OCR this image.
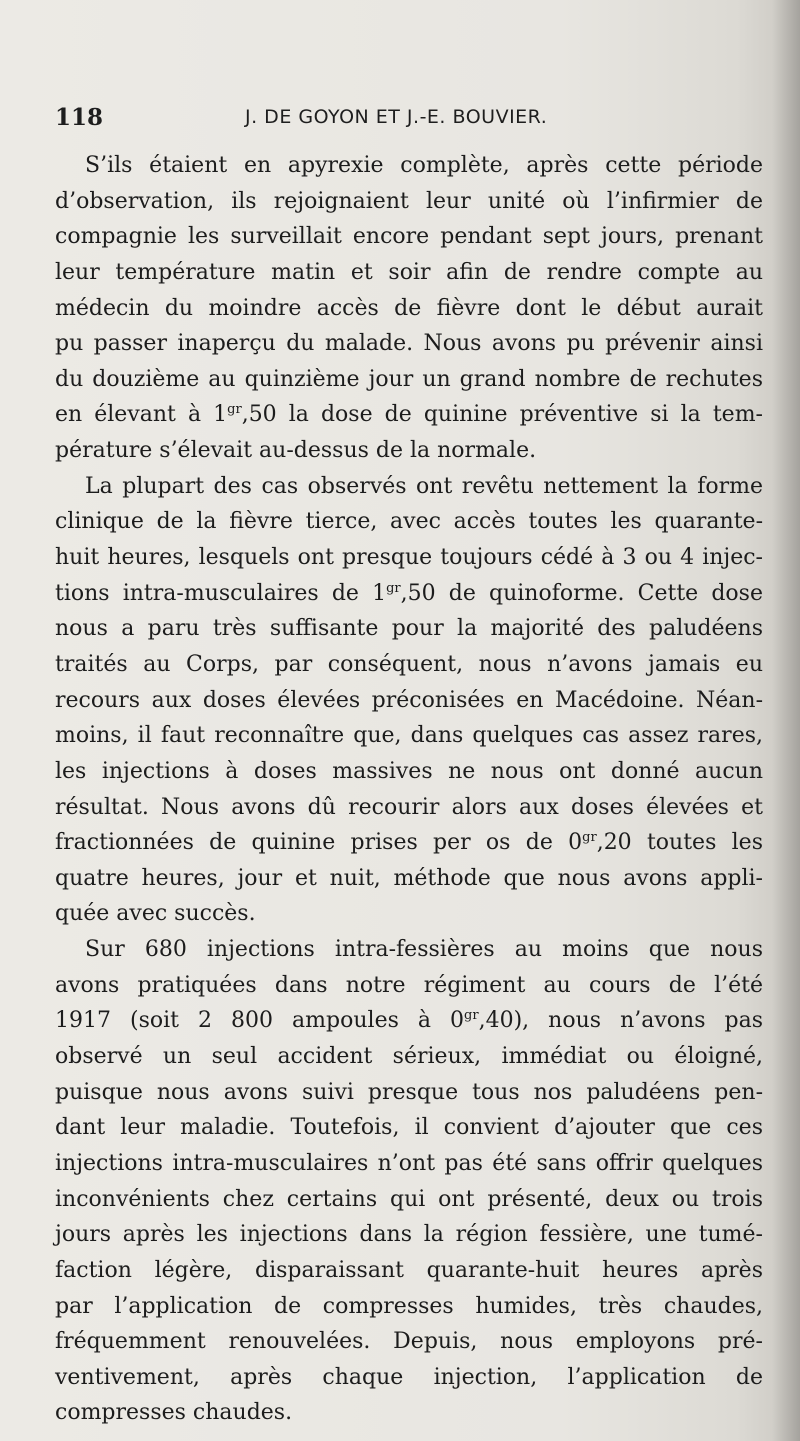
118	J. DE GOYON ET J.-E. BOUVIER.
S’ils étaient en apyrexie complète, après cette période
d’observation, ils rejoignaient leur unité où l’infirmier de
compagnie les surveillait encore pendant sept jours, prenant
leur température matin et soir afin de rendre compte au
médecin du moindre accès de fièvre dont le début aurait
pu passer inaperçu du malade. Nous avons pu prévenir ainsi
du douzième au quinzième jour un grand nombre de rechutes
en élevant à $1^{gr},50$ la dose de quinine préventive si la tem-
pérature s’élevait au-dessus de la normale.
La plupart des cas observés ont revêtu nettement la forme
clinique de la fièvre tierce, avec accès toutes les quarante-
huit heures, lesquels ont presque toujours cédé à 3 ou 4 injec-
tions intra-musculaires de $1^{gr},50$ de quinoforme. Cette dose
nous a paru très suffisante pour la majorité des paludéens
traités au Corps, par conséquent, nous n’avons jamais eu
recours aux doses élevées préconisées en Macédoine. Néan-
moins, il faut reconnaître que, dans quelques cas assez rares,
les injections à doses massives ne nous ont donné aucun
résultat. Nous avons dû recourir alors aux doses élevées et
fractionnées de quinine prises per os de $0^{gr},20$ toutes les
quatre heures, jour et nuit, méthode que nous avons appli-
quée avec succès.
Sur 680 injections intra-fessières au moins que nous
avons pratiquées dans notre régiment au cours de l’été
1917 (soit 2 800 ampoules à $0^{gr},40$), nous n’avons pas
observé un seul accident sérieux, immédiat ou éloigné,
puisque nous avons suivi presque tous nos paludéens pen-
dant leur maladie. Toutefois, il convient d’ajouter que ces
injections intra-musculaires n’ont pas été sans offrir quelques
inconvénients chez certains qui ont présenté, deux ou trois
jours après les injections dans la région fessière, une tumé-
faction légère, disparaissant quarante-huit heures après
par l’application de compresses humides, très chaudes,
fréquemment renouvelées. Depuis, nous employons pré-
ventivement, après chaque injection, l’application de
compresses chaudes.
